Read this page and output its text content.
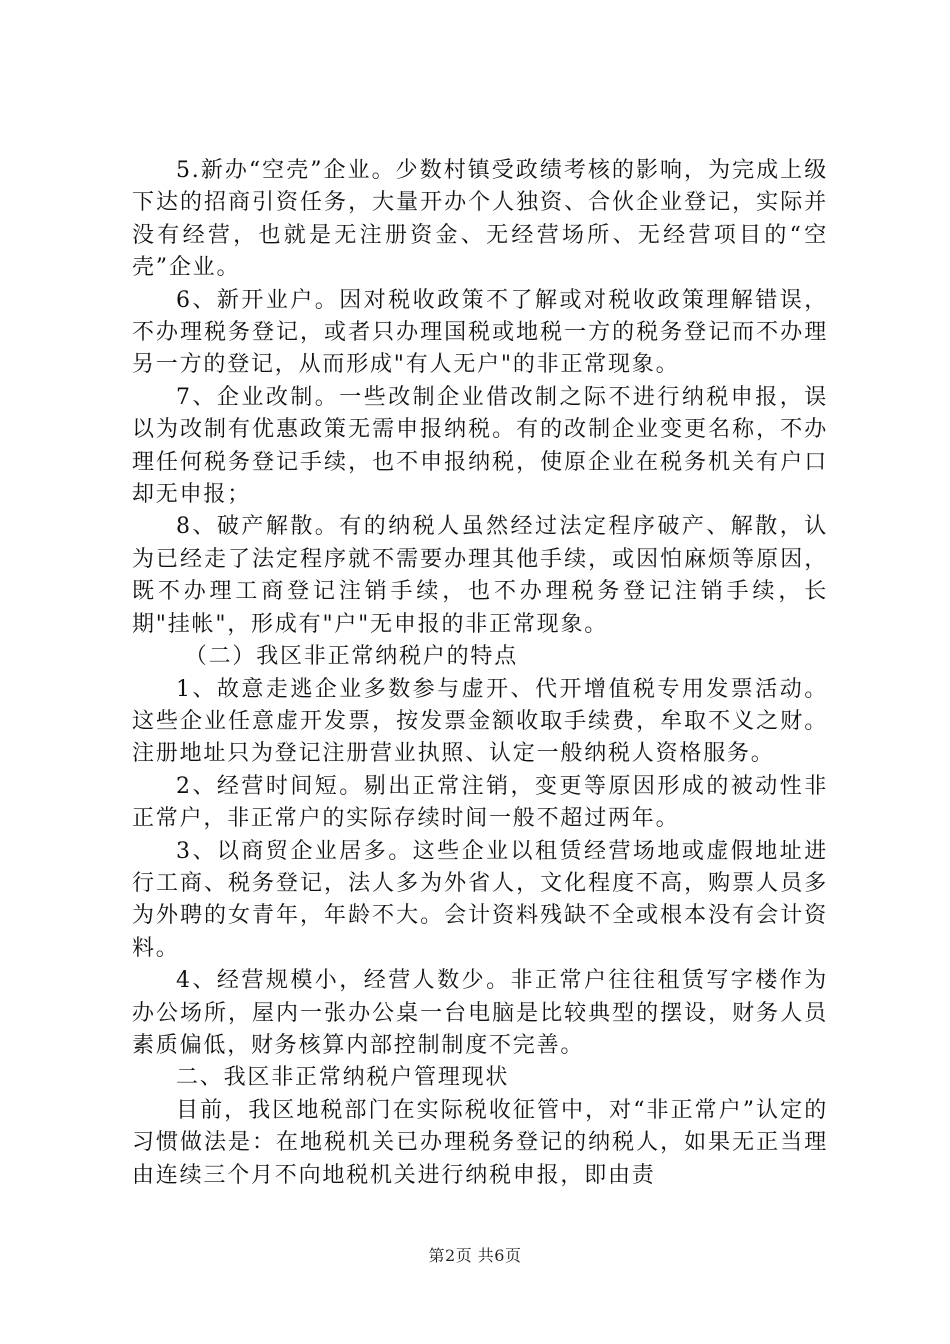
5.新办“空壳”企业。少数村镇受政绩考核的影响，为完成上级下达的招商引资任务，大量开办个人独资、合伙企业登记，实际并没有经营，也就是无注册资金、无经营场所、无经营项目的“空壳”企业。

6、新开业户。因对税收政策不了解或对税收政策理解错误，不办理税务登记，或者只办理国税或地税一方的税务登记而不办理另一方的登记，从而形成"有人无户"的非正常现象。

7、企业改制。一些改制企业借改制之际不进行纳税申报，误以为改制有优惠政策无需申报纳税。有的改制企业变更名称，不办理任何税务登记手续，也不申报纳税，使原企业在税务机关有户口却无申报；

8、破产解散。有的纳税人虽然经过法定程序破产、解散，认为已经走了法定程序就不需要办理其他手续，或因怕麻烦等原因，既不办理工商登记注销手续，也不办理税务登记注销手续，长期"挂帐"，形成有"户"无申报的非正常现象。

（二）我区非正常纳税户的特点

1、故意走逃企业多数参与虚开、代开增值税专用发票活动。这些企业任意虚开发票，按发票金额收取手续费，牟取不义之财。注册地址只为登记注册营业执照、认定一般纳税人资格服务。

2、经营时间短。剔出正常注销，变更等原因形成的被动性非正常户，非正常户的实际存续时间一般不超过两年。

3、以商贸企业居多。这些企业以租赁经营场地或虚假地址进行工商、税务登记，法人多为外省人，文化程度不高，购票人员多为外聘的女青年，年龄不大。会计资料残缺不全或根本没有会计资料。

4、经营规模小，经营人数少。非正常户往往租赁写字楼作为办公场所，屋内一张办公桌一台电脑是比较典型的摆设，财务人员素质偏低，财务核算内部控制制度不完善。

二、我区非正常纳税户管理现状

目前，我区地税部门在实际税收征管中，对“非正常户”认定的习惯做法是：在地税机关已办理税务登记的纳税人，如果无正当理由连续三个月不向地税机关进行纳税申报，即由责

第2页 共6页
